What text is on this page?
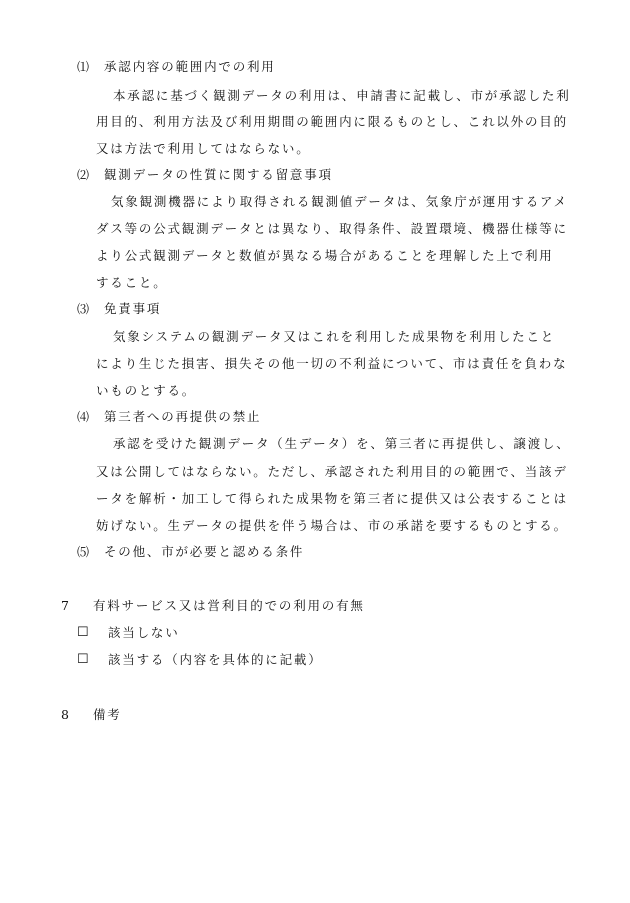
⑴ 承認内容の範囲内での利用
本承認に基づく観測データの利用は、申請書に記載し、市が承認した利
用目的、利用方法及び利用期間の範囲内に限るものとし、これ以外の目的
又は方法で利用してはならない。
⑵ 観測データの性質に関する留意事項
気象観測機器により取得される観測値データは、気象庁が運用するアメ
ダス等の公式観測データとは異なり、取得条件、設置環境、機器仕様等に
より公式観測データと数値が異なる場合があることを理解した上で利用
すること。
⑶ 免責事項
気象システムの観測データ又はこれを利用した成果物を利用したこと
により生じた損害、損失その他一切の不利益について、市は責任を負わな
いものとする。
⑷ 第三者への再提供の禁止
承認を受けた観測データ（生データ）を、第三者に再提供し、譲渡し、
又は公開してはならない。ただし、承認された利用目的の範囲で、当該デ
ータを解析・加工して得られた成果物を第三者に提供又は公表することは
妨げない。生データの提供を伴う場合は、市の承諾を要するものとする。
⑸ その他、市が必要と認める条件
7 有料サービス又は営利目的での利用の有無
☐ 該当しない
☐ 該当する（内容を具体的に記載）
8 備考
